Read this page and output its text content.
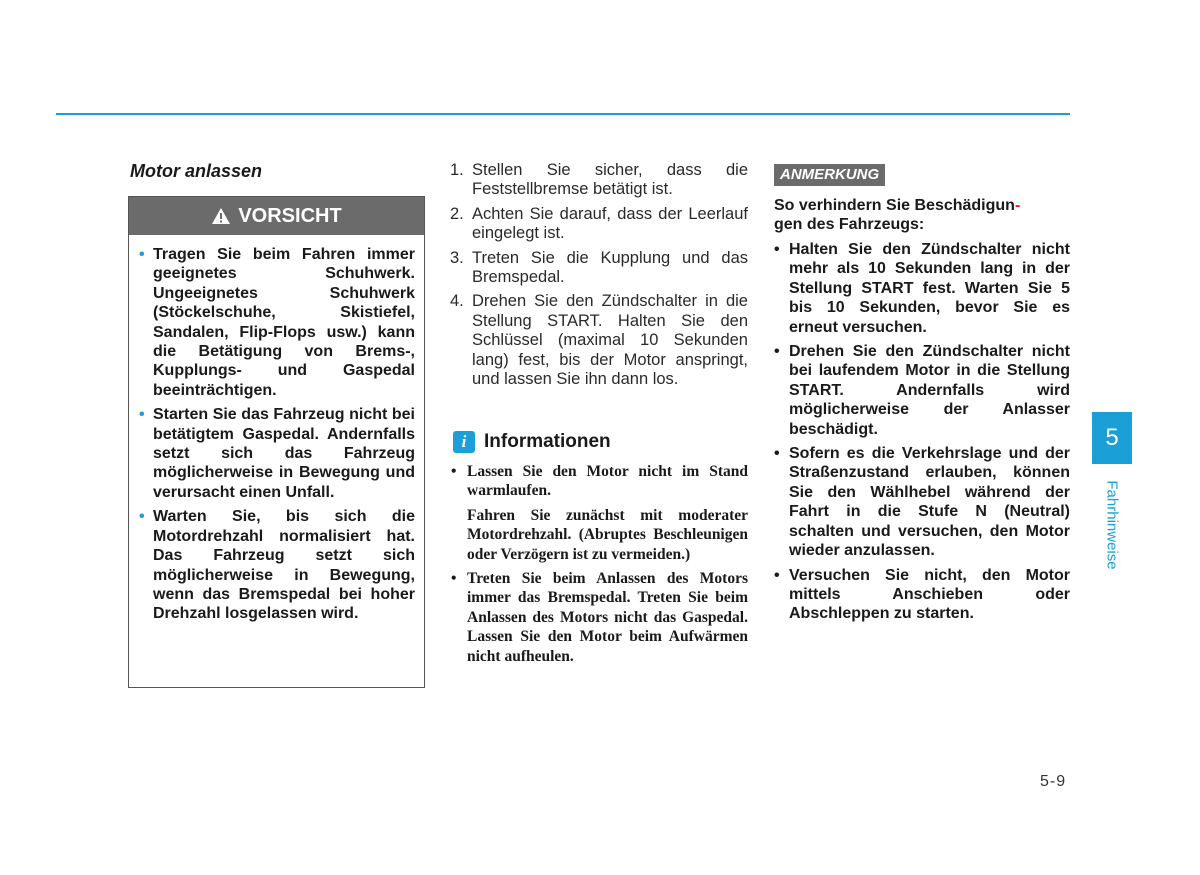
Motor anlassen
VORSICHT
• Tragen Sie beim Fahren immer geeignetes Schuhwerk. Ungeeignetes Schuhwerk (Stöckelschuhe, Skistiefel, Sandalen, Flip-Flops usw.) kann die Betätigung von Brems-, Kupplungs- und Gaspedal beeinträchtigen.
• Starten Sie das Fahrzeug nicht bei betätigtem Gaspedal. Andernfalls setzt sich das Fahrzeug möglicherweise in Bewegung und verursacht einen Unfall.
• Warten Sie, bis sich die Motordrehzahl normalisiert hat. Das Fahrzeug setzt sich möglicherweise in Bewegung, wenn das Bremspedal bei hoher Drehzahl losgelassen wird.
1. Stellen Sie sicher, dass die Feststellbremse betätigt ist.
2. Achten Sie darauf, dass der Leerlauf eingelegt ist.
3. Treten Sie die Kupplung und das Bremspedal.
4. Drehen Sie den Zündschalter in die Stellung START. Halten Sie den Schlüssel (maximal 10 Sekunden lang) fest, bis der Motor anspringt, und lassen Sie ihn dann los.
i Informationen
• Lassen Sie den Motor nicht im Stand warmlaufen.

Fahren Sie zunächst mit moderater Motordrehzahl. (Abruptes Beschleunigen oder Verzögern ist zu vermeiden.)

• Treten Sie beim Anlassen des Motors immer das Bremspedal. Treten Sie beim Anlassen des Motors nicht das Gaspedal. Lassen Sie den Motor beim Aufwärmen nicht aufheulen.
ANMERKUNG

So verhindern Sie Beschädigun-
gen des Fahrzeugs:

• Halten Sie den Zündschalter nicht mehr als 10 Sekunden lang in der Stellung START fest. Warten Sie 5 bis 10 Sekunden, bevor Sie es erneut versuchen.
• Drehen Sie den Zündschalter nicht bei laufendem Motor in die Stellung START. Andernfalls wird möglicherweise der Anlasser beschädigt.
• Sofern es die Verkehrslage und der Straßenzustand erlauben, können Sie den Wählhebel während der Fahrt in die Stufe N (Neutral) schalten und versuchen, den Motor wieder anzulassen.
• Versuchen Sie nicht, den Motor mittels Anschieben oder Abschleppen zu starten.
5
Fahrhinweise
5-9
